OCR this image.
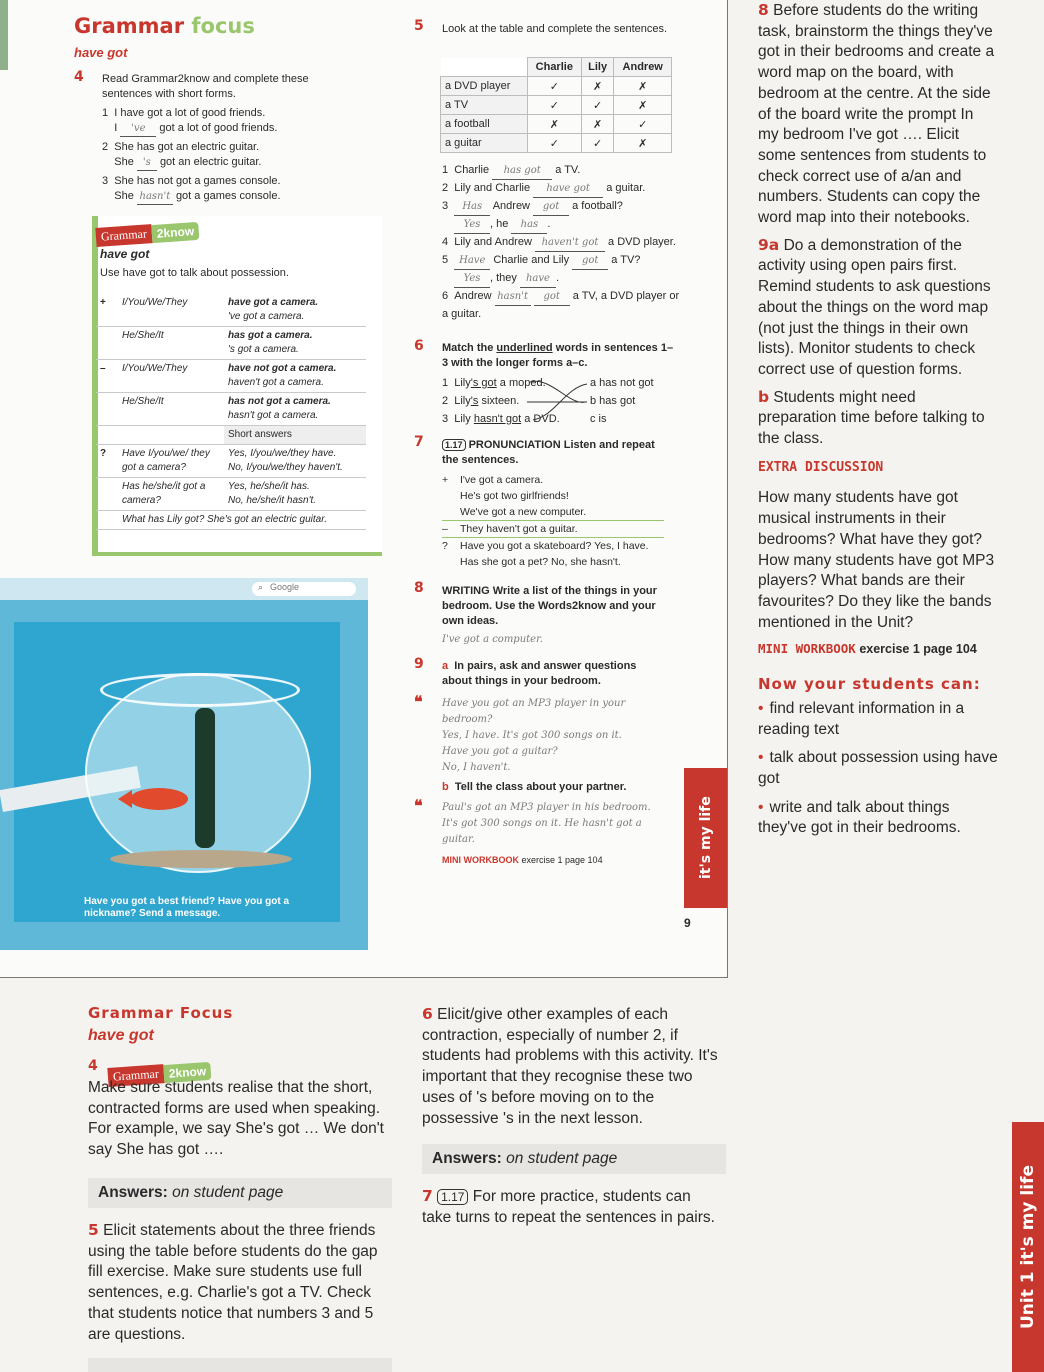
Grammar focus
have got
4 Read Grammar2know and complete these sentences with short forms.
1 I have got a lot of good friends.
I 've got a lot of good friends.
2 She has got an electric guitar.
She 's got an electric guitar.
3 She has not got a games console.
She hasn't got a games console.
Grammar 2know
have got
Use have got to talk about possession.
+	I/You/We/They	have got a camera.
've got a camera.
	He/She/It	has got a camera.
's got a camera.
–	I/You/We/They	have not got a camera.
haven't got a camera.
	He/She/It	has not got a camera.
hasn't got a camera.
		Short answers
?	Have I/you/we/ they got a camera?	Yes, I/you/we/they have.
No, I/you/we/they haven't.
	Has he/she/it got a camera?	Yes, he/she/it has.
No, he/she/it hasn't.
	What has Lily got? She's got an electric guitar.	
Google
⌕
Have you got a best friend? Have you got a nickname? Send a message.
5 Look at the table and complete the sentences.
	Charlie	Lily	Andrew
a DVD player	✓	✗	✗
a TV	✓	✓	✗
a football	✗	✗	✓
a guitar	✓	✓	✗
1 Charlie has got a TV.
2 Lily and Charlie have got a guitar.
3 Has Andrew got a football?
Yes , he has .
4 Lily and Andrew haven't got a DVD player.
5 Have Charlie and Lily got a TV?
Yes , they have .
6 Andrew hasn't got a TV, a DVD player or a guitar.
6 Match the underlined words in sentences 1–3 with the longer forms a–c.
1 Lily's got a moped.
2 Lily's sixteen.
3 Lily hasn't got a DVD.
a has not got
b has got
c is
7	1.17 PRONUNCIATION Listen and repeat the sentences.
+	I've got a camera.
He's got two girlfriends!
We've got a new computer.
–	They haven't got a guitar.
?	Have you got a skateboard? Yes, I have.
Has she got a pet? No, she hasn't.
8 WRITING Write a list of the things in your bedroom. Use the Words2know and your own ideas.
I've got a computer.
9 a In pairs, ask and answer questions about things in your bedroom.
❝ Have you got an MP3 player in your bedroom?
Yes, I have. It's got 300 songs on it.
Have you got a guitar?
No, I haven't.
b Tell the class about your partner.
❝ Paul's got an MP3 player in his bedroom. It's got 300 songs on it. He hasn't got a guitar.
MINI WORKBOOK exercise 1 page 104	it's my life
9

8 Before students do the writing task, brainstorm the things they've got in their bedrooms and create a word map on the board, with bedroom at the centre. At the side of the board write the prompt In my bedroom I've got …. Elicit some sentences from students to check correct use of a/an and numbers. Students can copy the word map into their notebooks.

9a Do a demonstration of the activity using open pairs first. Remind students to ask questions about the things on the word map (not just the things in their own lists). Monitor students to check correct use of question forms.

b Students might need preparation time before talking to the class.

EXTRA DISCUSSION

How many students have got musical instruments in their bedrooms? What have they got? How many students have got MP3 players? What bands are their favourites? Do they like the bands mentioned in the Unit?

MINI WORKBOOK exercise 1 page 104
Now your students can:
• find relevant information in a reading text
• talk about possession using have got
• write and talk about things they've got in their bedrooms.
Grammar Focus
have got
4
Grammar 2know
Make sure students realise that the short, contracted forms are used when speaking. For example, we say She's got … We don't say She has got ….
Answers: on student page
5 Elicit statements about the three friends using the table before students do the gap fill exercise. Make sure students use full sentences, e.g. Charlie's got a TV. Check that students notice that numbers 3 and 5 are questions.
6 Elicit/give other examples of each contraction, especially of number 2, if students had problems with this activity. It's important that they recognise these two uses of 's before moving on to the possessive 's in the next lesson.
Answers: on student page
7 1.17 For more practice, students can take turns to repeat the sentences in pairs.	Unit 1 it's my life
